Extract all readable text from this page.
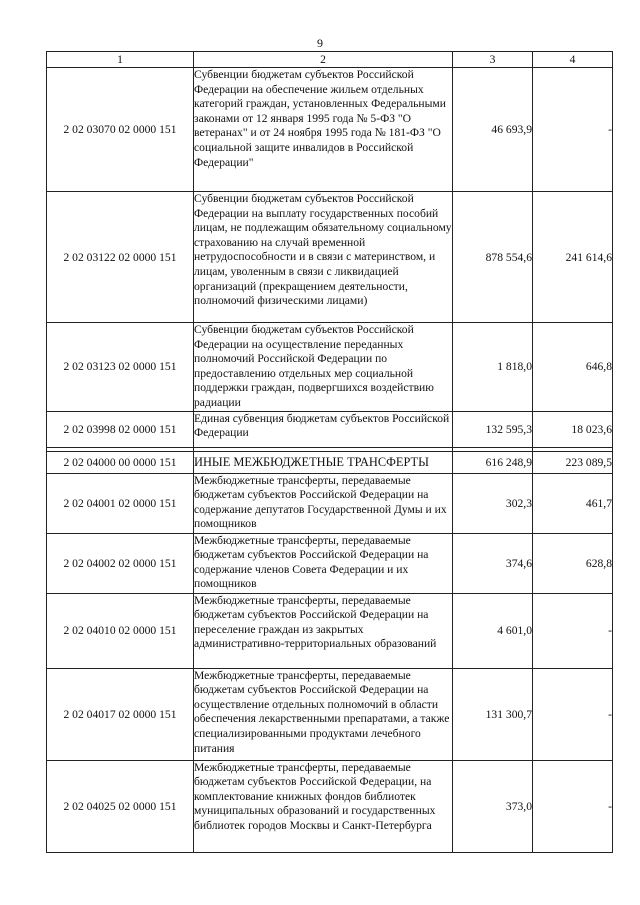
9
1	2	3	4
2 02 03070 02 0000 151	Субвенции бюджетам субъектов Российской Федерации на обеспечение жильем отдельных категорий граждан, установленных Федеральными законами от 12 января 1995 года № 5-ФЗ "О ветеранах" и от 24 ноября 1995 года № 181-ФЗ "О социальной защите инвалидов в Российской Федерации"	46 693,9	-
2 02 03122 02 0000 151	Субвенции бюджетам субъектов Российской Федерации на выплату государственных пособий лицам, не подлежащим обязательному социальному страхованию на случай временной нетрудоспособности и в связи с материнством, и лицам, уволенным в связи с ликвидацией организаций (прекращением деятельности, полномочий физическими лицами)	878 554,6	241 614,6
2 02 03123 02 0000 151	Субвенции бюджетам субъектов Российской Федерации на осуществление переданных полномочий Российской Федерации по предоставлению отдельных мер социальной поддержки граждан, подвергшихся воздействию радиации	1 818,0	646,8
2 02 03998 02 0000 151	Единая субвенция бюджетам субъектов Российской Федерации	132 595,3	18 023,6

2 02 04000 00 0000 151	ИНЫЕ МЕЖБЮДЖЕТНЫЕ ТРАНСФЕРТЫ	616 248,9	223 089,5
2 02 04001 02 0000 151	Межбюджетные трансферты, передаваемые бюджетам субъектов Российской Федерации на содержание депутатов Государственной Думы и их помощников	302,3	461,7
2 02 04002 02 0000 151	Межбюджетные трансферты, передаваемые бюджетам субъектов Российской Федерации на содержание членов Совета Федерации и их помощников	374,6	628,8
2 02 04010 02 0000 151	Межбюджетные трансферты, передаваемые бюджетам субъектов Российской Федерации на переселение граждан из закрытых административно-территориальных образований	4 601,0	-
2 02 04017 02 0000 151	Межбюджетные трансферты, передаваемые бюджетам субъектов Российской Федерации на осуществление отдельных полномочий в области обеспечения лекарственными препаратами, а также специализированными продуктами лечебного питания	131 300,7	-
2 02 04025 02 0000 151	Межбюджетные трансферты, передаваемые бюджетам субъектов Российской Федерации, на комплектование книжных фондов библиотек муниципальных образований и государственных библиотек городов Москвы и Санкт-Петербурга	373,0	-
